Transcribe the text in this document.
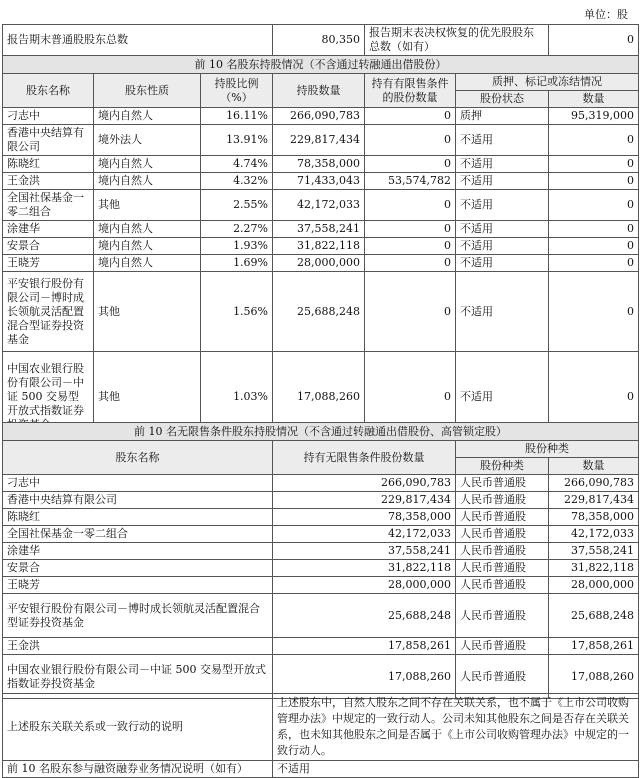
单位：股
报告期末普通股股东总数			80,350	报告期末表决权恢复的优先股股东总数（如有）		0
前 10 名股东持股情况（不含通过转融通出借股份）						
股东名称	股东性质	持股比例（%）	持股数量	持有有限售条件的股份数量	质押、标记或冻结情况	
					股份状态	数量
刁志中	境内自然人	16.11%	266,090,783	0	质押	95,319,000
香港中央结算有限公司	境外法人	13.91%	229,817,434	0	不适用	0
陈晓红	境内自然人	4.74%	78,358,000	0	不适用	0
王金洪	境内自然人	4.32%	71,433,043	53,574,782	不适用	0
全国社保基金一零二组合	其他	2.55%	42,172,033	0	不适用	0
涂建华	境内自然人	2.27%	37,558,241	0	不适用	0
安景合	境内自然人	1.93%	31,822,118	0	不适用	0
王晓芳	境内自然人	1.69%	28,000,000	0	不适用	0
平安银行股份有限公司－博时成长领航灵活配置混合型证券投资基金	其他	1.56%	25,688,248	0	不适用	0
中国农业银行股份有限公司－中证 500 交易型开放式指数证券	其他	1.03%	17,088,260	0	不适用	0
前 10 名无限售条件股东持股情况（不含通过转融通出借股份、高管锁定股）			
股东名称	持有无限售条件股份数量	股份种类	
		股份种类	数量
刁志中	266,090,783	人民币普通股	266,090,783
香港中央结算有限公司	229,817,434	人民币普通股	229,817,434
陈晓红	78,358,000	人民币普通股	78,358,000
全国社保基金一零二组合	42,172,033	人民币普通股	42,172,033
涂建华	37,558,241	人民币普通股	37,558,241
安景合	31,822,118	人民币普通股	31,822,118
王晓芳	28,000,000	人民币普通股	28,000,000
平安银行股份有限公司－博时成长领航灵活配置混合型证券投资基金	25,688,248	人民币普通股	25,688,248
王金洪	17,858,261	人民币普通股	17,858,261
中国农业银行股份有限公司－中证 500 交易型开放式指数证券投资基金	17,088,260	人民币普通股	17,088,260
上述股东关联关系或一致行动的说明	上述股东中，自然人股东之间不存在关联关系，也不属于《上市公司收购管理办法》中规定的一致行动人。公司未知其他股东之间是否存在关联关系，也未知其他股东之间是否属于《上市公司收购管理办法》中规定的一致行动人。
前 10 名股东参与融资融券业务情况说明（如有）	不适用
